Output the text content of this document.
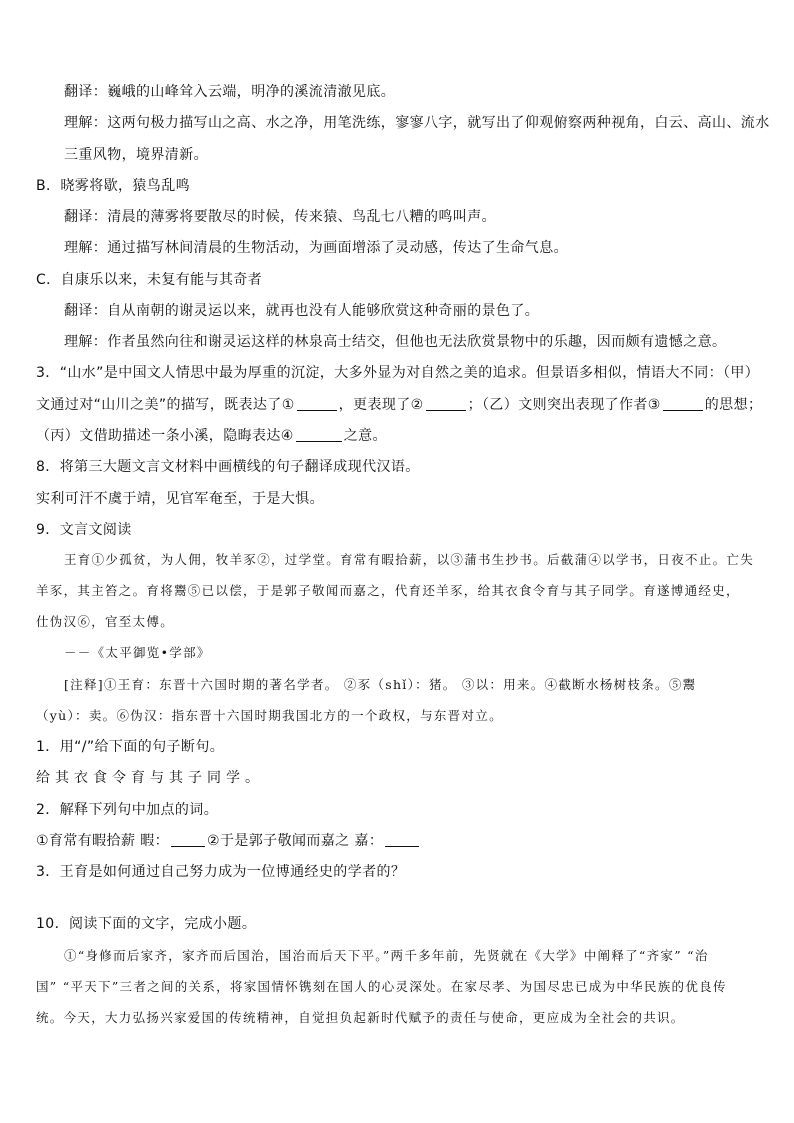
翻译：巍峨的山峰耸入云端，明净的溪流清澈见底。
理解：这两句极力描写山之高、水之净，用笔洗练，寥寥八字，就写出了仰观俯察两种视角，白云、高山、流水
三重风物，境界清新。
B．晓雾将歇，猿鸟乱鸣
翻译：清晨的薄雾将要散尽的时候，传来猿、鸟乱七八糟的鸣叫声。
理解：通过描写林间清晨的生物活动，为画面增添了灵动感，传达了生命气息。
C．自康乐以来，未复有能与其奇者
翻译：自从南朝的谢灵运以来，就再也没有人能够欣赏这种奇丽的景色了。
理解：作者虽然向往和谢灵运这样的林泉高士结交，但他也无法欣赏景物中的乐趣，因而颇有遗憾之意。
3．“山水”是中国文人情思中最为厚重的沉淀，大多外显为对自然之美的追求。但景语多相似，情语大不同：（甲）
文通过对“山川之美”的描写，既表达了①	，更表现了②	；（乙）文则突出表现了作者③	的思想；
（丙）文借助描述一条小溪，隐晦表达④	之意。
8．将第三大题文言文材料中画横线的句子翻译成现代汉语。
实利可汗不虞于靖，见官军奄至，于是大惧。
9．文言文阅读
王育①少孤贫，为人佣，牧羊豕②，过学堂。育常有暇拾薪，以③蒲书生抄书。后截蒲④以学书，日夜不止。亡失
羊豕，其主笞之。育将鬻⑤已以偿，于是郭子敬闻而嘉之，代育还羊豕，给其衣食令育与其子同学。育遂博通经史，
仕伪汉⑥，官至太傅。
－－《太平御览•学部》
[注释]①王育：东晋十六国时期的著名学者。 ②豕（shǐ）：猪。 ③以：用来。④截断水杨树枝条。⑤鬻
（yù）：卖。⑥伪汉：指东晋十六国时期我国北方的一个政权，与东晋对立。
1．用“/”给下面的句子断句。
给其衣食令育与其子同学。
2．解释下列句中加点的词。
①育常有暇拾薪 暇：	②于是郭子敬闻而嘉之 嘉：
3．王育是如何通过自己努力成为一位博通经史的学者的？
10．阅读下面的文字，完成小题。
①“身修而后家齐，家齐而后国治，国治而后天下平。”两千多年前，先贤就在《大学》中阐释了“齐家” “治
国” “平天下”三者之间的关系，将家国情怀镌刻在国人的心灵深处。在家尽孝、为国尽忠已成为中华民族的优良传
统。今天，大力弘扬兴家爱国的传统精神，自觉担负起新时代赋予的责任与使命，更应成为全社会的共识。
